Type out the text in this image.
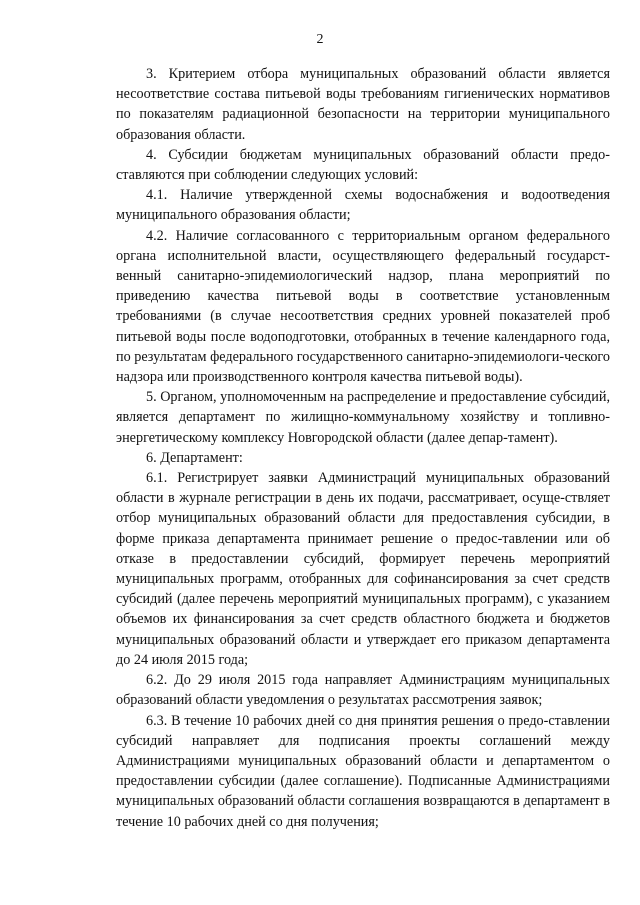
2

3. Критерием отбора муниципальных образований области является несоответствие состава питьевой воды требованиям гигиенических нормативов по показателям радиационной безопасности на территории муниципального образования области.

4. Субсидии бюджетам муниципальных образований области предо-ставляются при соблюдении следующих условий:

4.1. Наличие утвержденной схемы водоснабжения и водоотведения муниципального образования области;

4.2. Наличие согласованного с территориальным органом федерального органа исполнительной власти, осуществляющего федеральный государст-венный санитарно-эпидемиологический надзор, плана мероприятий по приведению качества питьевой воды в соответствие установленным требованиями (в случае несоответствия средних уровней показателей проб питьевой воды после водоподготовки, отобранных в течение календарного года, по результатам федерального государственного санитарно-эпидемиологи-ческого надзора или производственного контроля качества питьевой воды).

5. Органом, уполномоченным на распределение и предоставление субсидий, является департамент по жилищно-коммунальному хозяйству и топливно-энергетическому комплексу Новгородской области (далее депар-тамент).

6. Департамент:

6.1. Регистрирует заявки Администраций муниципальных образований области в журнале регистрации в день их подачи, рассматривает, осуще-ствляет отбор муниципальных образований области для предоставления субсидии, в форме приказа департамента принимает решение о предос-тавлении или об отказе в предоставлении субсидий, формирует перечень мероприятий муниципальных программ, отобранных для софинансирования за счет средств субсидий (далее перечень мероприятий муниципальных программ), с указанием объемов их финансирования за счет средств областного бюджета и бюджетов муниципальных образований области и утверждает его приказом департамента до 24 июля 2015 года;

6.2. До 29 июля 2015 года направляет Администрациям муниципальных образований области уведомления о результатах рассмотрения заявок;

6.3. В течение 10 рабочих дней со дня принятия решения о предо-ставлении субсидий направляет для подписания проекты соглашений между Администрациями муниципальных образований области и департаментом о предоставлении субсидии (далее соглашение). Подписанные Администрациями муниципальных образований области соглашения возвращаются в департамент в течение 10 рабочих дней со дня получения;
